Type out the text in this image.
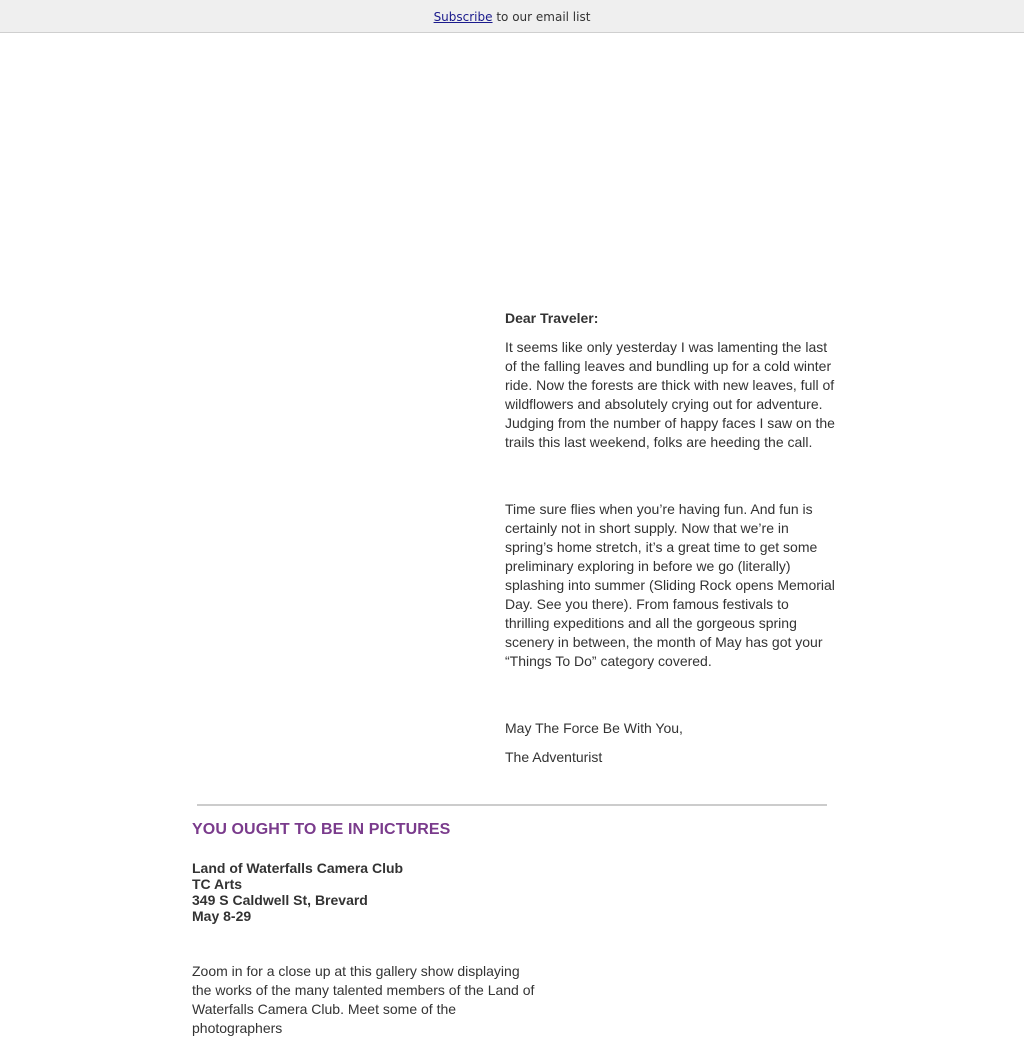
Subscribe to our email list

Dear Traveler:

It seems like only yesterday I was lamenting the last of the falling leaves and bundling up for a cold winter ride. Now the forests are thick with new leaves, full of wildflowers and absolutely crying out for adventure. Judging from the number of happy faces I saw on the trails this last weekend, folks are heeding the call.

Time sure flies when you’re having fun. And fun is certainly not in short supply. Now that we’re in spring’s home stretch, it’s a great time to get some preliminary exploring in before we go (literally) splashing into summer (Sliding Rock opens Memorial Day. See you there). From famous festivals to thrilling expeditions and all the gorgeous spring scenery in between, the month of May has got your “Things To Do” category covered.

May The Force Be With You,

The Adventurist

YOU OUGHT TO BE IN PICTURES
Land of Waterfalls Camera Club
TC Arts
349 S Caldwell St, Brevard
May 8-29
Zoom in for a close up at this gallery show displaying the works of the many talented members of the Land of Waterfalls Camera Club. Meet some of the photographers
